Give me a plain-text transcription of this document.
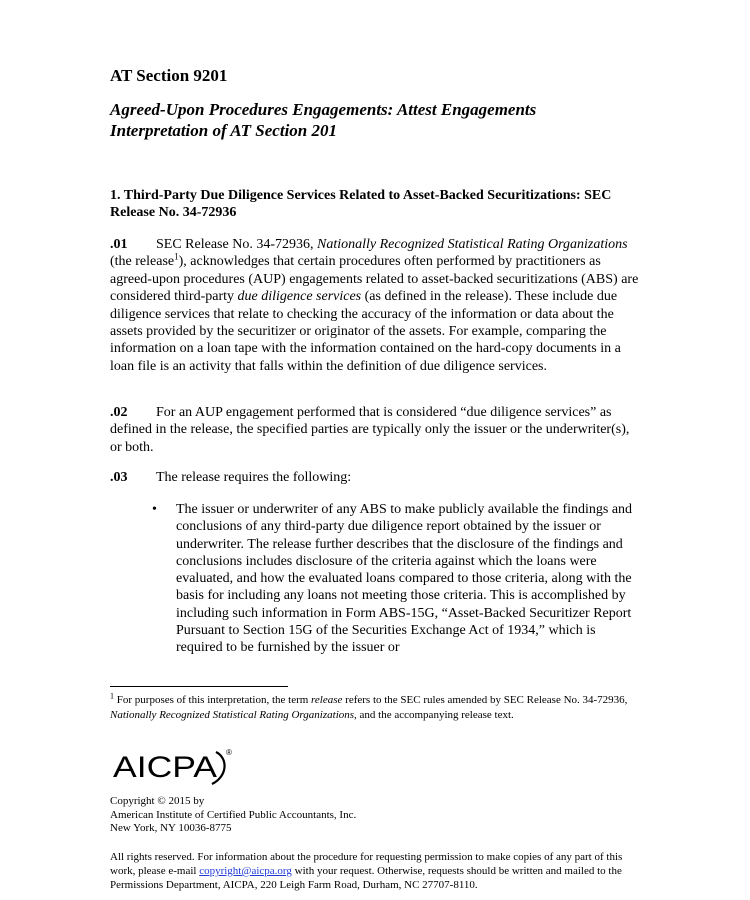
AT Section 9201
Agreed-Upon Procedures Engagements: Attest Engagements
Interpretation of AT Section 201
1. Third-Party Due Diligence Services Related to Asset-Backed Securitizations: SEC Release No. 34-72936

.01 SEC Release No. 34-72936, Nationally Recognized Statistical Rating Organizations (the release$^1$), acknowledges that certain procedures often performed by practitioners as agreed-upon procedures (AUP) engagements related to asset-backed securitizations (ABS) are considered third-party due diligence services (as defined in the release). These include due diligence services that relate to checking the accuracy of the information or data about the assets provided by the securitizer or originator of the assets. For example, comparing the information on a loan tape with the information contained on the hard-copy documents in a loan file is an activity that falls within the definition of due diligence services.

.02 For an AUP engagement performed that is considered “due diligence services” as defined in the release, the specified parties are typically only the issuer or the underwriter(s), or both.

.03 The release requires the following:

• The issuer or underwriter of any ABS to make publicly available the findings and conclusions of any third-party due diligence report obtained by the issuer or underwriter. The release further describes that the disclosure of the findings and conclusions includes disclosure of the criteria against which the loans were evaluated, and how the evaluated loans compared to those criteria, along with the basis for including any loans not meeting those criteria. This is accomplished by including such information in Form ABS-15G, “Asset-Backed Securitizer Report Pursuant to Section 15G of the Securities Exchange Act of 1934,” which is required to be furnished by the issuer or

$^1$ For purposes of this interpretation, the term release refers to the SEC rules amended by SEC Release No. 34-72936, Nationally Recognized Statistical Rating Organizations, and the accompanying release text.

AICPA ®
Copyright © 2015 by
American Institute of Certified Public Accountants, Inc.
New York, NY 10036-8775

All rights reserved. For information about the procedure for requesting permission to make copies of any part of this work, please e-mail copyright@aicpa.org with your request. Otherwise, requests should be written and mailed to the Permissions Department, AICPA, 220 Leigh Farm Road, Durham, NC 27707-8110.
